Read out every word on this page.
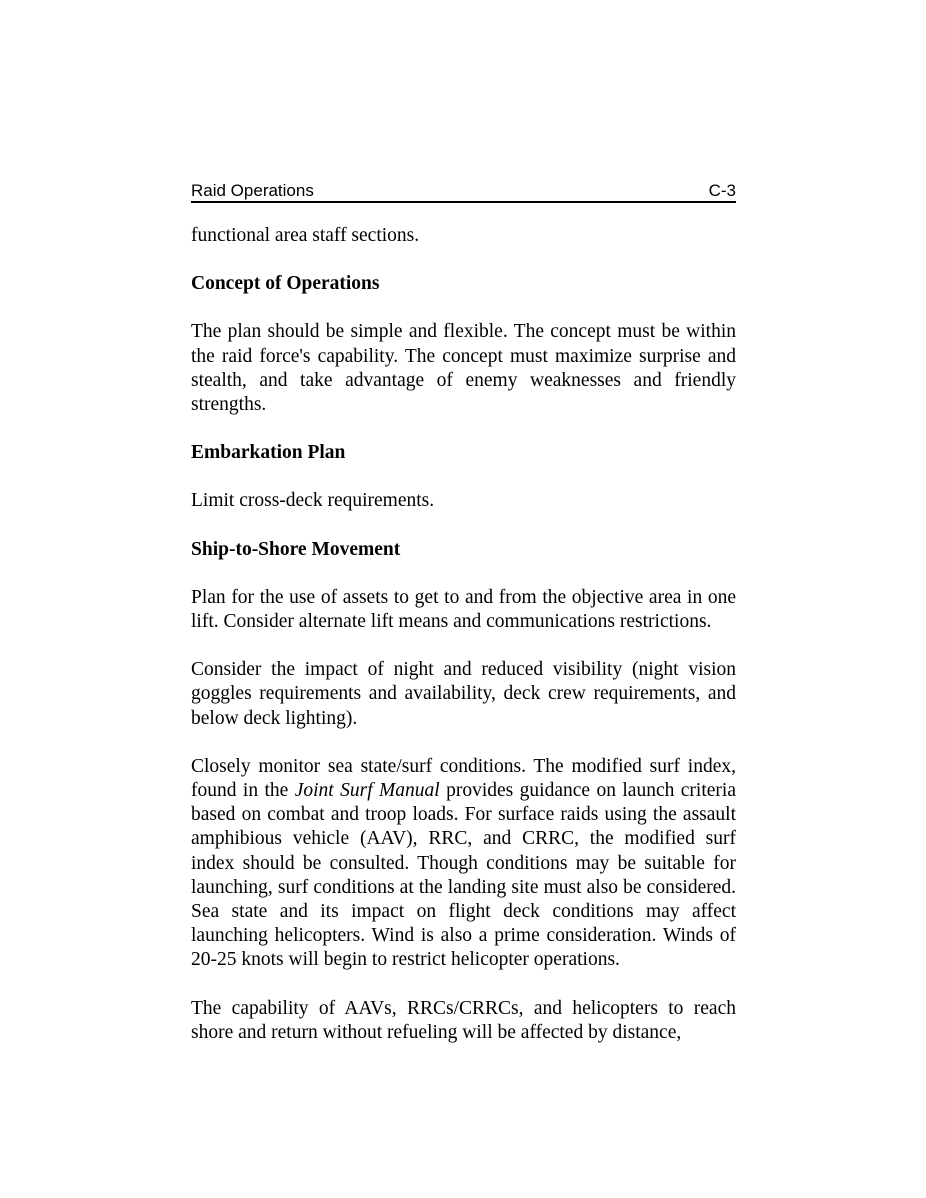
Raid Operations	C-3

functional area staff sections.

Concept of Operations

The plan should be simple and flexible. The concept must be within the raid force's capability. The concept must maximize surprise and stealth, and take advantage of enemy weaknesses and friendly strengths.

Embarkation Plan

Limit cross-deck requirements.

Ship-to-Shore Movement

Plan for the use of assets to get to and from the objective area in one lift. Consider alternate lift means and communications restrictions.

Consider the impact of night and reduced visibility (night vision goggles requirements and availability, deck crew requirements, and below deck lighting).

Closely monitor sea state/surf conditions. The modified surf index, found in the Joint Surf Manual provides guidance on launch criteria based on combat and troop loads. For surface raids using the assault amphibious vehicle (AAV), RRC, and CRRC, the modified surf index should be consulted. Though conditions may be suitable for launching, surf conditions at the landing site must also be considered. Sea state and its impact on flight deck conditions may affect launching helicopters. Wind is also a prime consideration. Winds of 20-25 knots will begin to restrict helicopter operations.

The capability of AAVs, RRCs/CRRCs, and helicopters to reach shore and return without refueling will be affected by distance,
